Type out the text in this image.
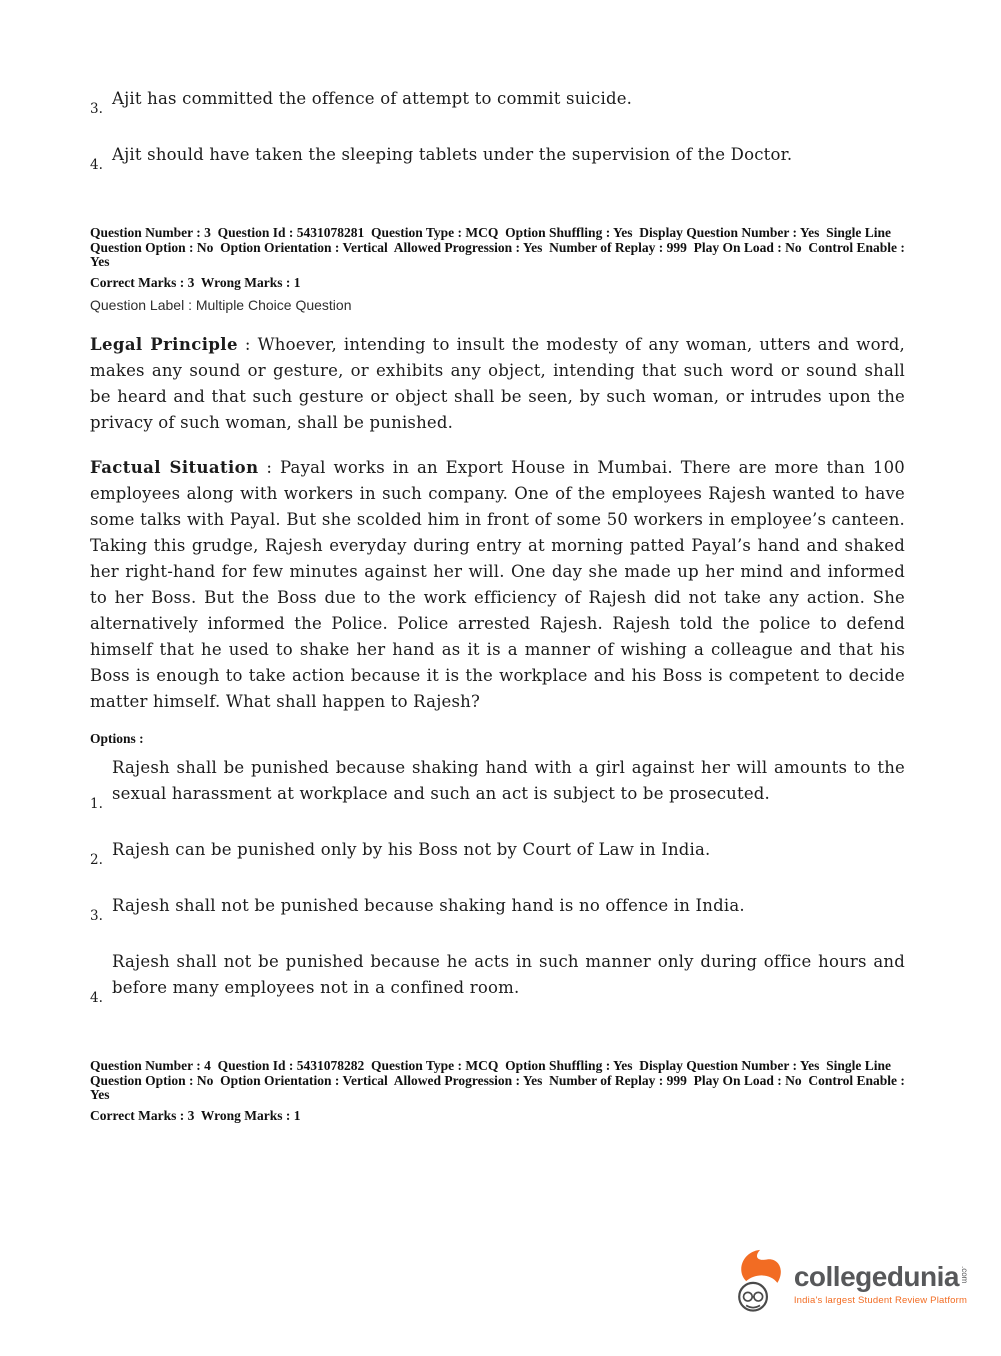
3.
Ajit has committed the offence of attempt to commit suicide.
4.
Ajit should have taken the sleeping tablets under the supervision of the Doctor.
Question Number : 3  Question Id : 5431078281  Question Type : MCQ  Option Shuffling : Yes  Display Question Number : Yes  Single Line Question Option : No  Option Orientation : Vertical  Allowed Progression : Yes  Number of Replay : 999  Play On Load : No  Control Enable : Yes
Correct Marks : 3  Wrong Marks : 1
Question Label : Multiple Choice Question
Legal Principle : Whoever, intending to insult the modesty of any woman, utters and word, makes any sound or gesture, or exhibits any object, intending that such word or sound shall be heard and that such gesture or object shall be seen, by such woman, or intrudes upon the privacy of such woman, shall be punished.
Factual Situation : Payal works in an Export House in Mumbai. There are more than 100 employees along with workers in such company. One of the employees Rajesh wanted to have some talks with Payal. But she scolded him in front of some 50 workers in employee’s canteen. Taking this grudge, Rajesh everyday during entry at morning patted Payal’s hand and shaked her right-hand for few minutes against her will. One day she made up her mind and informed to her Boss. But the Boss due to the work efficiency of Rajesh did not take any action. She alternatively informed the Police. Police arrested Rajesh. Rajesh told the police to defend himself that he used to shake her hand as it is a manner of wishing a colleague and that his Boss is enough to take action because it is the workplace and his Boss is competent to decide matter himself. What shall happen to Rajesh?
Options :
1.
Rajesh shall be punished because shaking hand with a girl against her will amounts to the sexual harassment at workplace and such an act is subject to be prosecuted.
2.
Rajesh can be punished only by his Boss not by Court of Law in India.
3.
Rajesh shall not be punished because shaking hand is no offence in India.
4.
Rajesh shall not be punished because he acts in such manner only during office hours and before many employees not in a confined room.
Question Number : 4  Question Id : 5431078282  Question Type : MCQ  Option Shuffling : Yes  Display Question Number : Yes  Single Line Question Option : No  Option Orientation : Vertical  Allowed Progression : Yes  Number of Replay : 999  Play On Load : No  Control Enable : Yes
Correct Marks : 3  Wrong Marks : 1
collegedunia .com
India's largest Student Review Platform
